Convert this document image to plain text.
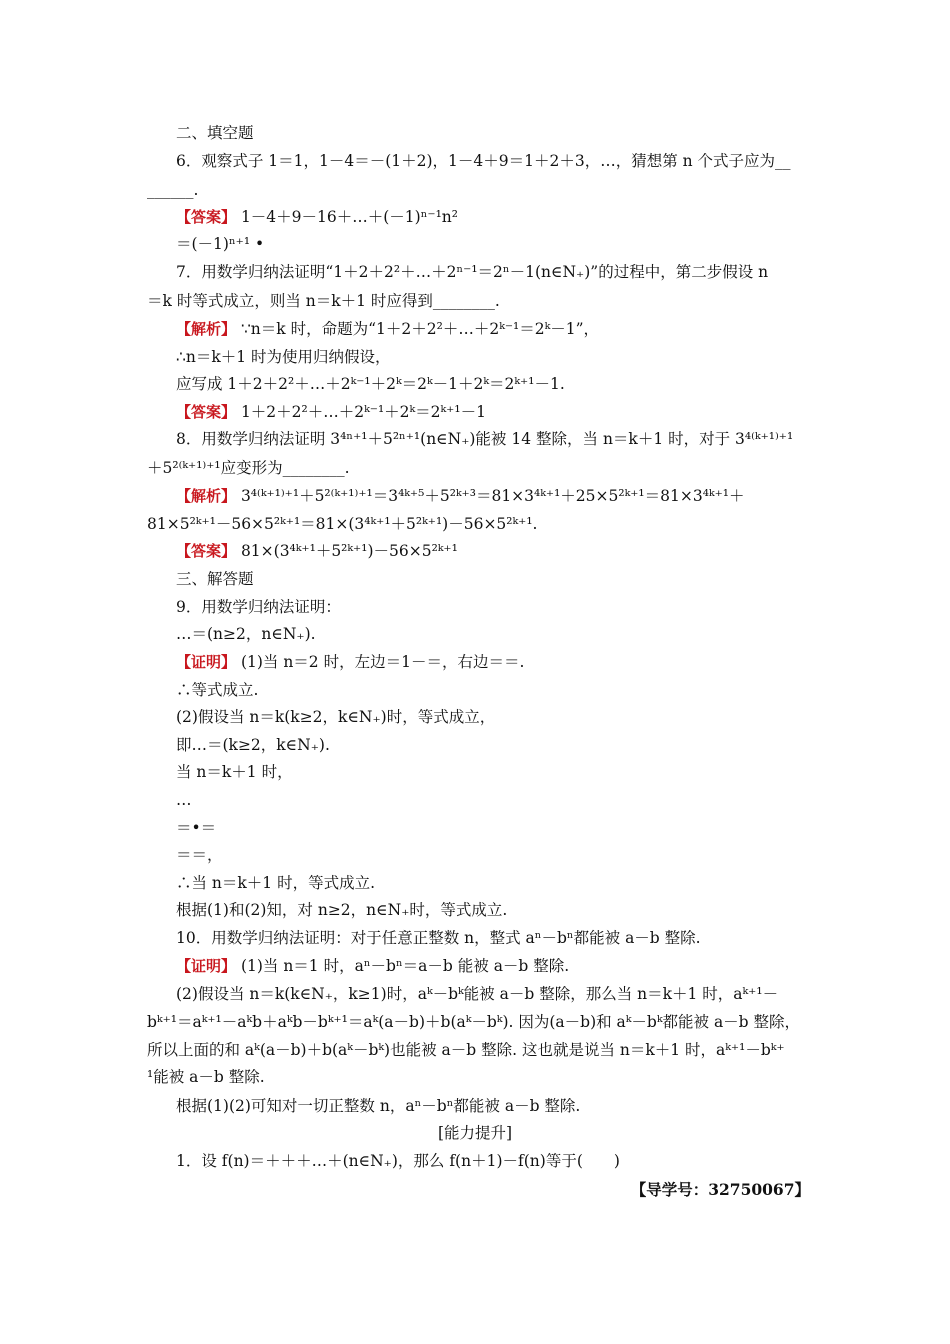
二、填空题
6．观察式子 1＝1，1－4＝－(1＋2)，1－4＋9＝1＋2＋3，…，猜想第 n 个式子应为__
______.
【答案】 1－4＋9－16＋…＋(－1)ⁿ⁻¹n²
＝(－1)ⁿ⁺¹ •
7．用数学归纳法证明“1＋2＋2²＋…＋2ⁿ⁻¹＝2ⁿ－1(n∈N₊)”的过程中，第二步假设 n
＝k 时等式成立，则当 n＝k＋1 时应得到________.
【解析】 ∵n＝k 时，命题为“1＋2＋2²＋…＋2ᵏ⁻¹＝2ᵏ－1”，
∴n＝k＋1 时为使用归纳假设，
应写成 1＋2＋2²＋…＋2ᵏ⁻¹＋2ᵏ＝2ᵏ－1＋2ᵏ＝2ᵏ⁺¹－1.
【答案】 1＋2＋2²＋…＋2ᵏ⁻¹＋2ᵏ＝2ᵏ⁺¹－1
8．用数学归纳法证明 3⁴ⁿ⁺¹＋5²ⁿ⁺¹(n∈N₊)能被 14 整除，当 n＝k＋1 时，对于 3⁴⁽ᵏ⁺¹⁾⁺¹
＋5²⁽ᵏ⁺¹⁾⁺¹应变形为________.
【解析】 3⁴⁽ᵏ⁺¹⁾⁺¹＋5²⁽ᵏ⁺¹⁾⁺¹＝3⁴ᵏ⁺⁵＋5²ᵏ⁺³＝81×3⁴ᵏ⁺¹＋25×5²ᵏ⁺¹＝81×3⁴ᵏ⁺¹＋
81×5²ᵏ⁺¹－56×5²ᵏ⁺¹＝81×(3⁴ᵏ⁺¹＋5²ᵏ⁺¹)－56×5²ᵏ⁺¹.
【答案】 81×(3⁴ᵏ⁺¹＋5²ᵏ⁺¹)－56×5²ᵏ⁺¹
三、解答题
9．用数学归纳法证明：
…＝(n≥2，n∈N₊).
【证明】 (1)当 n＝2 时，左边＝1－＝，右边＝＝.
∴等式成立.
(2)假设当 n＝k(k≥2，k∈N₊)时，等式成立，
即…＝(k≥2，k∈N₊).
当 n＝k＋1 时，
…
＝•＝
＝＝，
∴当 n＝k＋1 时，等式成立.
根据(1)和(2)知，对 n≥2，n∈N₊时，等式成立.
10．用数学归纳法证明：对于任意正整数 n，整式 aⁿ－bⁿ都能被 a－b 整除.
【证明】 (1)当 n＝1 时，aⁿ－bⁿ＝a－b 能被 a－b 整除.
(2)假设当 n＝k(k∈N₊，k≥1)时，aᵏ－bᵏ能被 a－b 整除，那么当 n＝k＋1 时，aᵏ⁺¹－
bᵏ⁺¹＝aᵏ⁺¹－aᵏb＋aᵏb－bᵏ⁺¹＝aᵏ(a－b)＋b(aᵏ－bᵏ). 因为(a－b)和 aᵏ－bᵏ都能被 a－b 整除，
所以上面的和 aᵏ(a－b)＋b(aᵏ－bᵏ)也能被 a－b 整除. 这也就是说当 n＝k＋1 时，aᵏ⁺¹－bᵏ⁺
¹能被 a－b 整除.
根据(1)(2)可知对一切正整数 n，aⁿ－bⁿ都能被 a－b 整除.
[能力提升]
1．设 f(n)＝＋＋＋…＋(n∈N₊)，那么 f(n＋1)－f(n)等于(　　)
【导学号：32750067】
